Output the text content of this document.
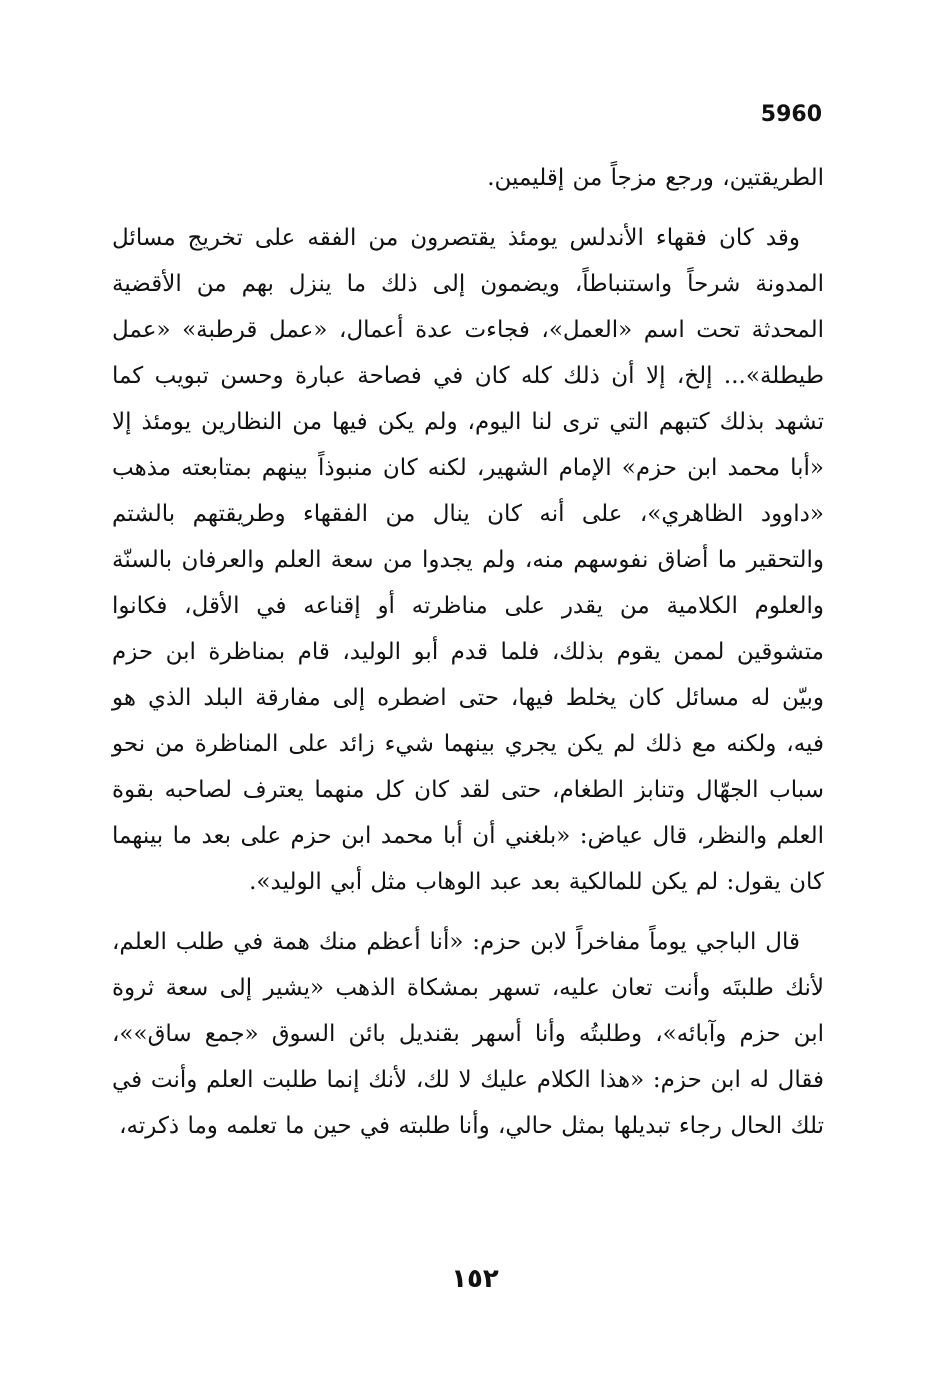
5960

الطريقتين، ورجع مزجاً من إقليمين.

وقد كان فقهاء الأندلس يومئذ يقتصرون من الفقه على تخريج مسائل المدونة شرحاً واستنباطاً، ويضمون إلى ذلك ما ينزل بهم من الأقضية المحدثة تحت اسم «العمل»، فجاءت عدة أعمال، «عمل قرطبة» «عمل طيطلة»... إلخ، إلا أن ذلك كله كان في فصاحة عبارة وحسن تبويب كما تشهد بذلك كتبهم التي ترى لنا اليوم، ولم يكن فيها من النظارين يومئذ إلا «أبا محمد ابن حزم» الإمام الشهير، لكنه كان منبوذاً بينهم بمتابعته مذهب «داوود الظاهري»، على أنه كان ينال من الفقهاء وطريقتهم بالشتم والتحقير ما أضاق نفوسهم منه، ولم يجدوا من سعة العلم والعرفان بالسنّة والعلوم الكلامية من يقدر على مناظرته أو إقناعه في الأقل، فكانوا متشوقين لممن يقوم بذلك، فلما قدم أبو الوليد، قام بمناظرة ابن حزم وبيّن له مسائل كان يخلط فيها، حتى اضطره إلى مفارقة البلد الذي هو فيه، ولكنه مع ذلك لم يكن يجري بينهما شيء زائد على المناظرة من نحو سباب الجهّال وتنابز الطغام، حتى لقد كان كل منهما يعترف لصاحبه بقوة العلم والنظر، قال عياض: «بلغني أن أبا محمد ابن حزم على بعد ما بينهما كان يقول: لم يكن للمالكية بعد عبد الوهاب مثل أبي الوليد».

قال الباجي يوماً مفاخراً لابن حزم: «أنا أعظم منك همة في طلب العلم، لأنك طلبتَه وأنت تعان عليه، تسهر بمشكاة الذهب «يشير إلى سعة ثروة ابن حزم وآبائه»، وطلبتُه وأنا أسهر بقنديل بائن السوق «جمع ساق»»، فقال له ابن حزم: «هذا الكلام عليك لا لك، لأنك إنما طلبت العلم وأنت في تلك الحال رجاء تبديلها بمثل حالي، وأنا طلبته في حين ما تعلمه وما ذكرته،

١٥٢
